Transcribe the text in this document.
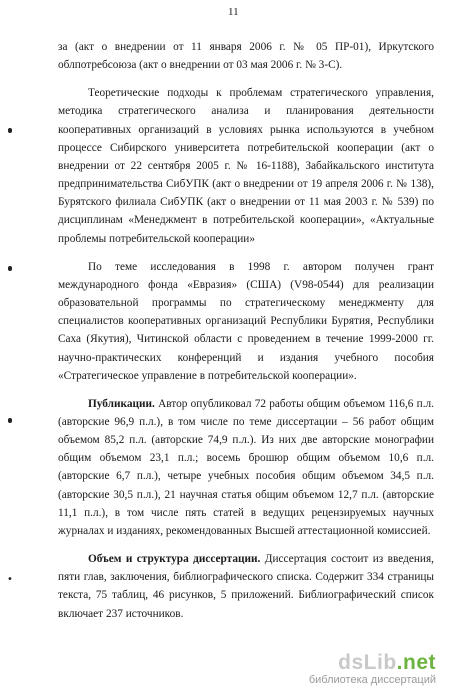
11
•

за (акт о внедрении от 11 января 2006 г. № 05 ПР-01), Иркутского облпотребсоюза (акт о внедрении от 03 мая 2006 г. № 3-С).

Теоретические подходы к проблемам стратегического управления, методика стратегического анализа и планирования деятельности кооперативных организаций в условиях рынка используются в учебном процессе Сибирского университета потребительской кооперации (акт о внедрении от 22 сентября 2005 г. № 16-1188), Забайкальского института предпринимательства СибУПК (акт о внедрении от 19 апреля 2006 г. № 138), Бурятского филиала СибУПК (акт о внедрении от 11 мая 2003 г. № 539) по дисциплинам «Менеджмент в потребительской кооперации», «Актуальные проблемы потребительской кооперации»

По теме исследования в 1998 г. автором получен грант международного фонда «Евразия» (США) (V98-0544) для реализации образовательной программы по стратегическому менеджменту для специалистов кооперативных организаций Республики Бурятия, Республики Саха (Якутия), Читинской области с проведением в течение 1999-2000 гг. научно-практических конференций и издания учебного пособия «Стратегическое управление в потребительской кооперации».

Публикации. Автор опубликовал 72 работы общим объемом 116,6 п.л. (авторские 96,9 п.л.), в том числе по теме диссертации – 56 работ общим объемом 85,2 п.л. (авторские 74,9 п.л.). Из них две авторские монографии общим объемом 23,1 п.л.; восемь брошюр общим объемом 10,6 п.л. (авторские 6,7 п.л.), четыре учебных пособия общим объемом 34,5 п.л. (авторские 30,5 п.л.), 21 научная статья общим объемом 12,7 п.л. (авторские 11,1 п.л.), в том числе пять статей в ведущих рецензируемых научных журналах и изданиях, рекомендованных Высшей аттестационной комиссией.

Объем и структура диссертации. Диссертация состоит из введения, пяти глав, заключения, библиографического списка. Содержит 334 страницы текста, 75 таблиц, 46 рисунков, 5 приложений. Библиографический список включает 237 источников.

dsLib.net
библиотека диссертаций
